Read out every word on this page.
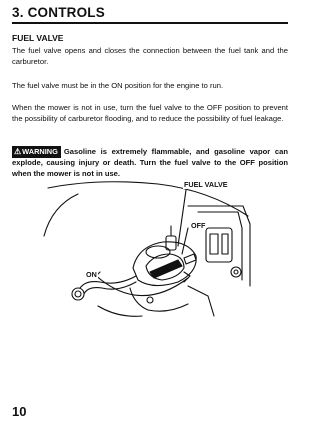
3. CONTROLS
FUEL VALVE

The fuel valve opens and closes the connection between the fuel tank and the carburetor.

The fuel valve must be in the ON position for the engine to run.

When the mower is not in use, turn the fuel valve to the OFF position to prevent the possibility of carburetor flooding, and to reduce the possibility of fuel leakage.

⚠WARNING Gasoline is extremely flammable, and gasoline vapor can explode, causing injury or death. Turn the fuel valve to the OFF position when the mower is not in use.

FUEL VALVE
OFF
ON
10
